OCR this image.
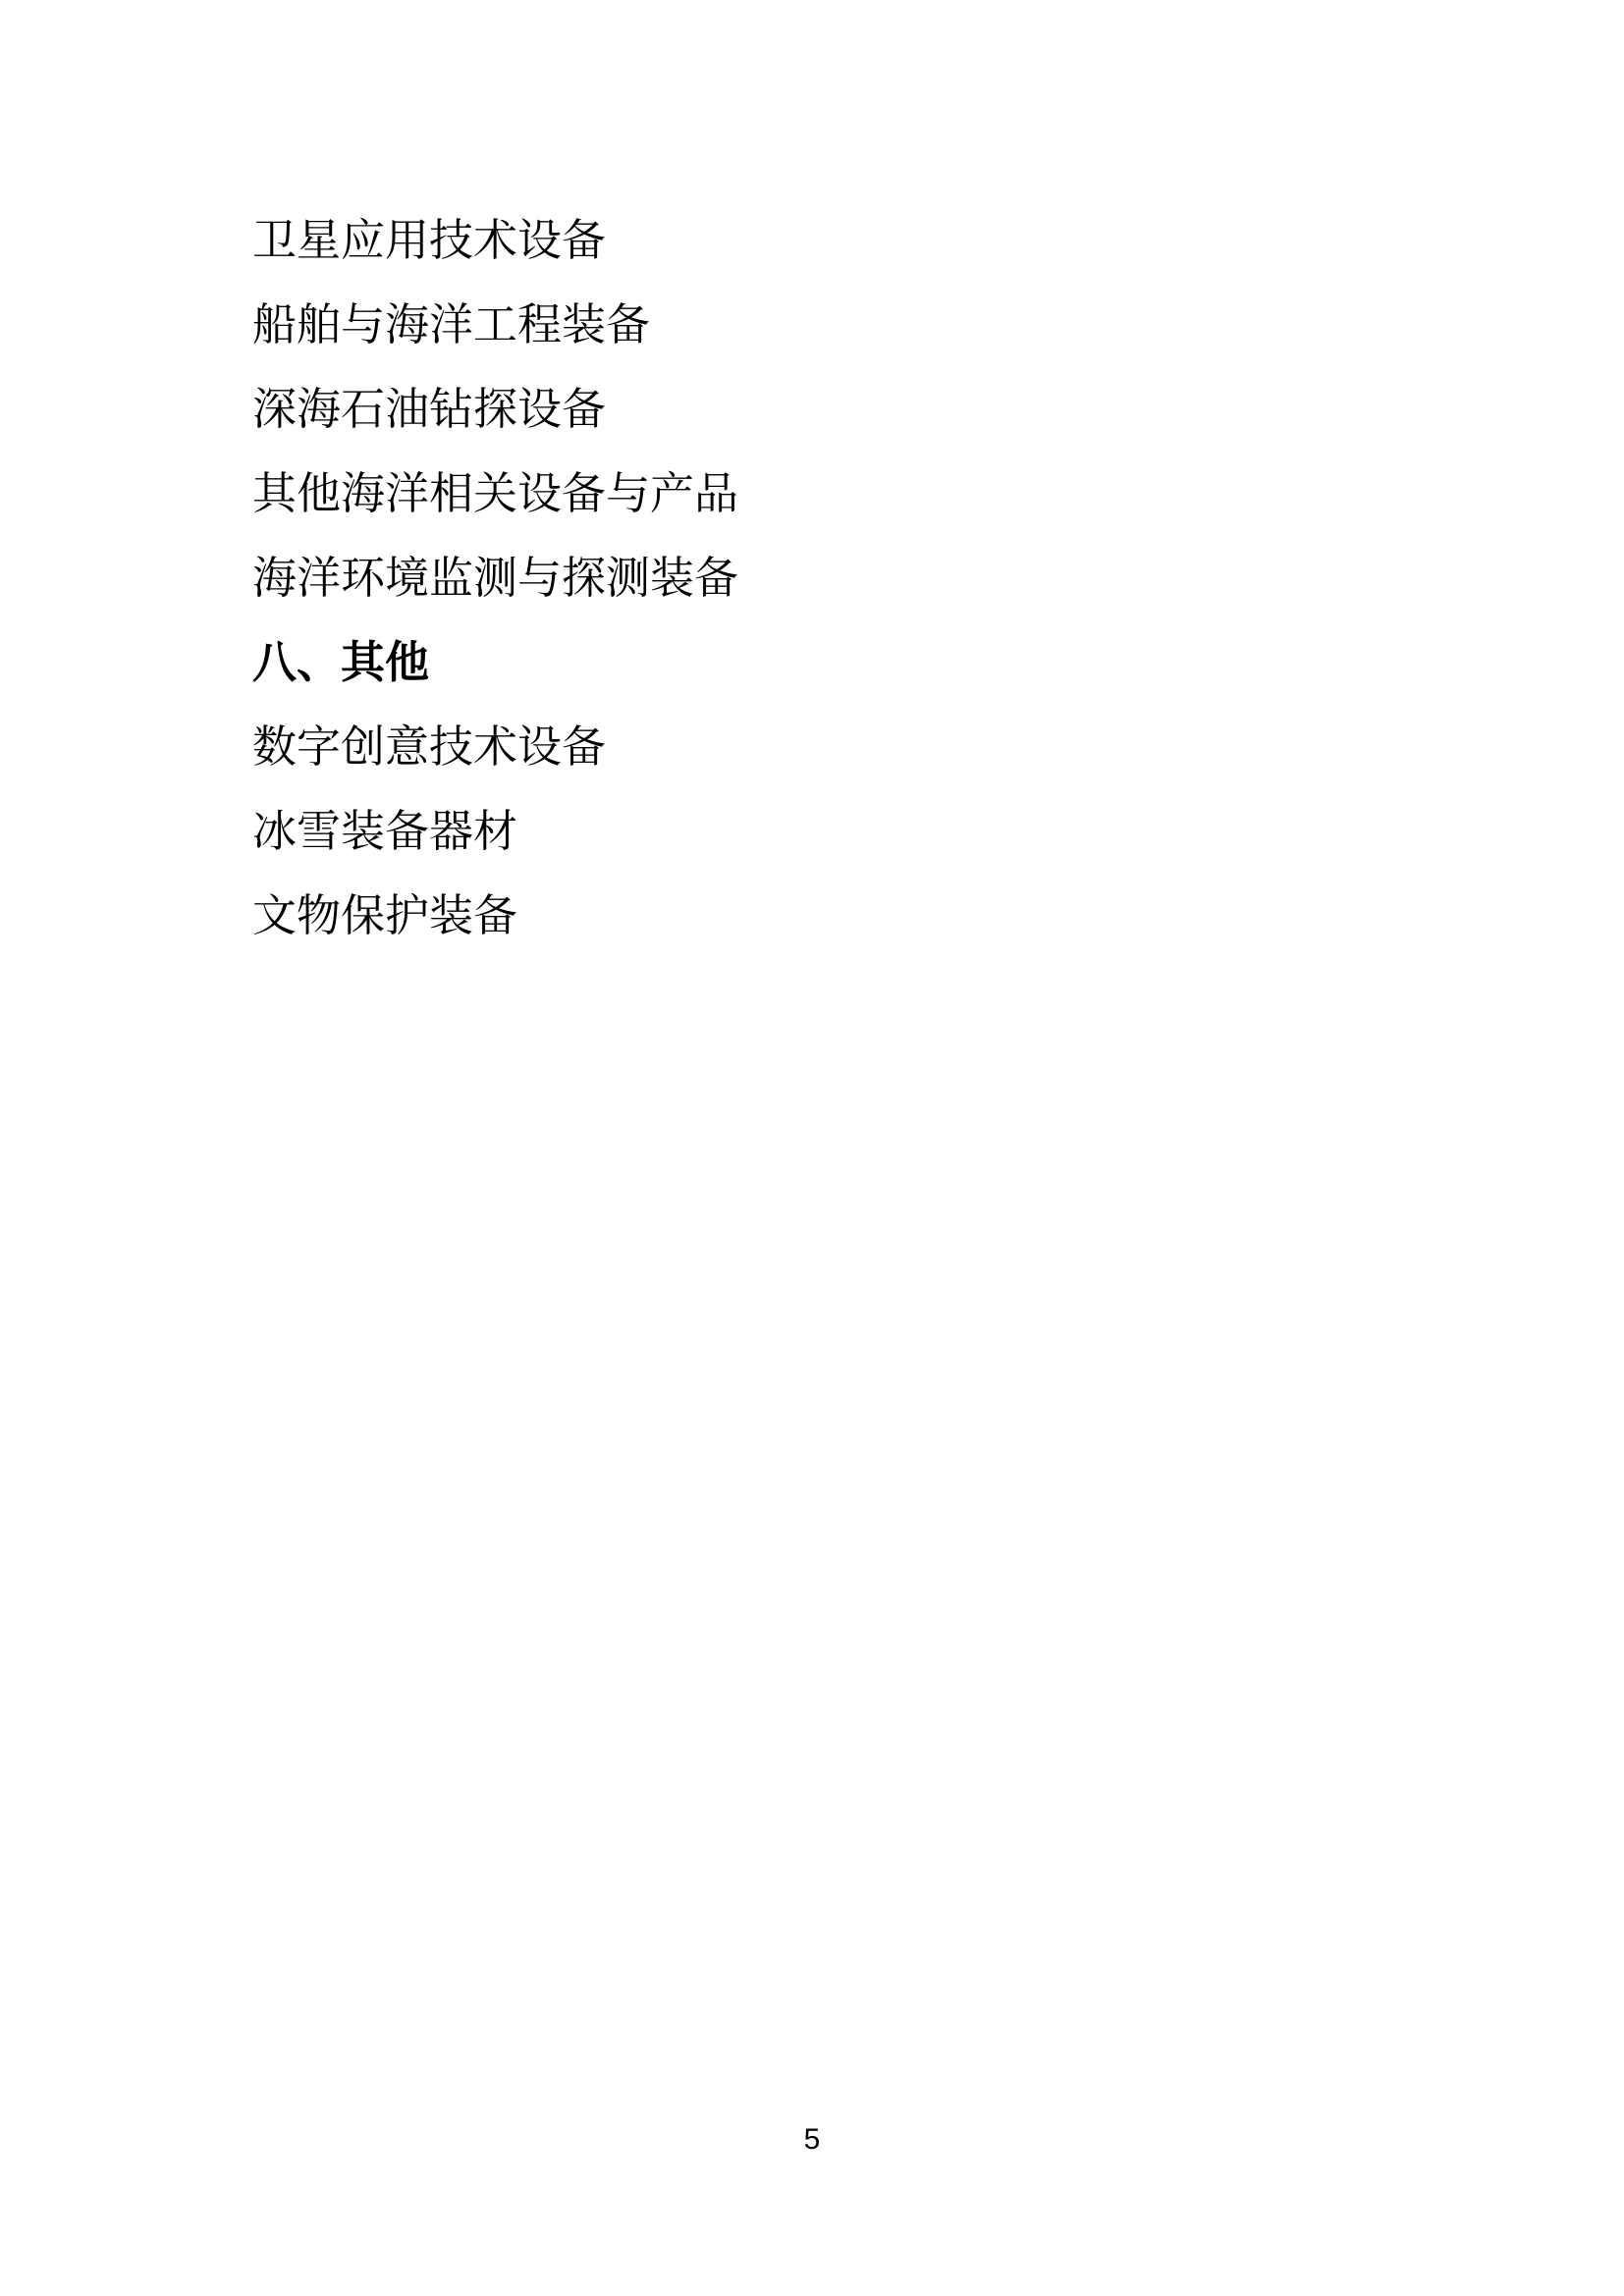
卫星应用技术设备
船舶与海洋工程装备
深海石油钻探设备
其他海洋相关设备与产品
海洋环境监测与探测装备
八、其他
数字创意技术设备
冰雪装备器材
文物保护装备
5
